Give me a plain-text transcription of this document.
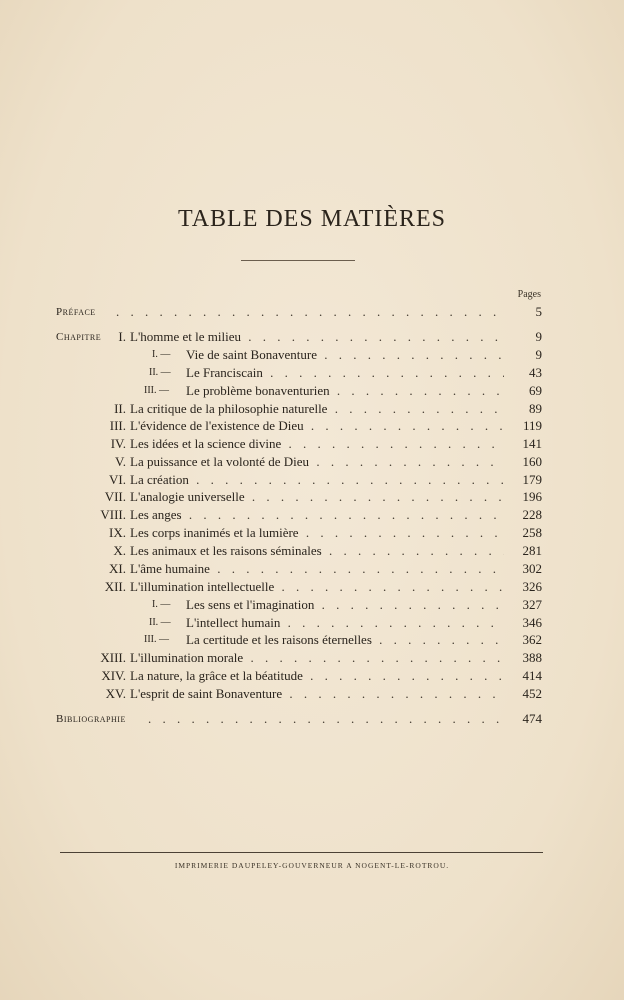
TABLE DES MATIÈRES
Pages
Préface . . .	5
Chapitre	I. L'homme et le milieu . . .	9
I. — Vie de saint Bonaventure . . .	9
II. — Le Franciscain . . .	43
III. — Le problème bonaventurien . . .	69
II. La critique de la philosophie naturelle . . .	89
III. L'évidence de l'existence de Dieu . . .	119
IV. Les idées et la science divine . . .	141
V. La puissance et la volonté de Dieu . . .	160
VI. La création . . .	179
VII. L'analogie universelle . . .	196
VIII. Les anges . . .	228
IX. Les corps inanimés et la lumière . . .	258
X. Les animaux et les raisons séminales . . .	281
XI. L'âme humaine . . .	302
XII. L'illumination intellectuelle . . .	326
I. — Les sens et l'imagination . . .	327
II. — L'intellect humain . . .	346
III. — La certitude et les raisons éternelles . . .	362
XIII. L'illumination morale . . .	388
XIV. La nature, la grâce et la béatitude . . .	414
XV. L'esprit de saint Bonaventure . . .	452
Bibliographie . . .	474
IMPRIMERIE DAUPELEY-GOUVERNEUR A NOGENT-LE-ROTROU.
